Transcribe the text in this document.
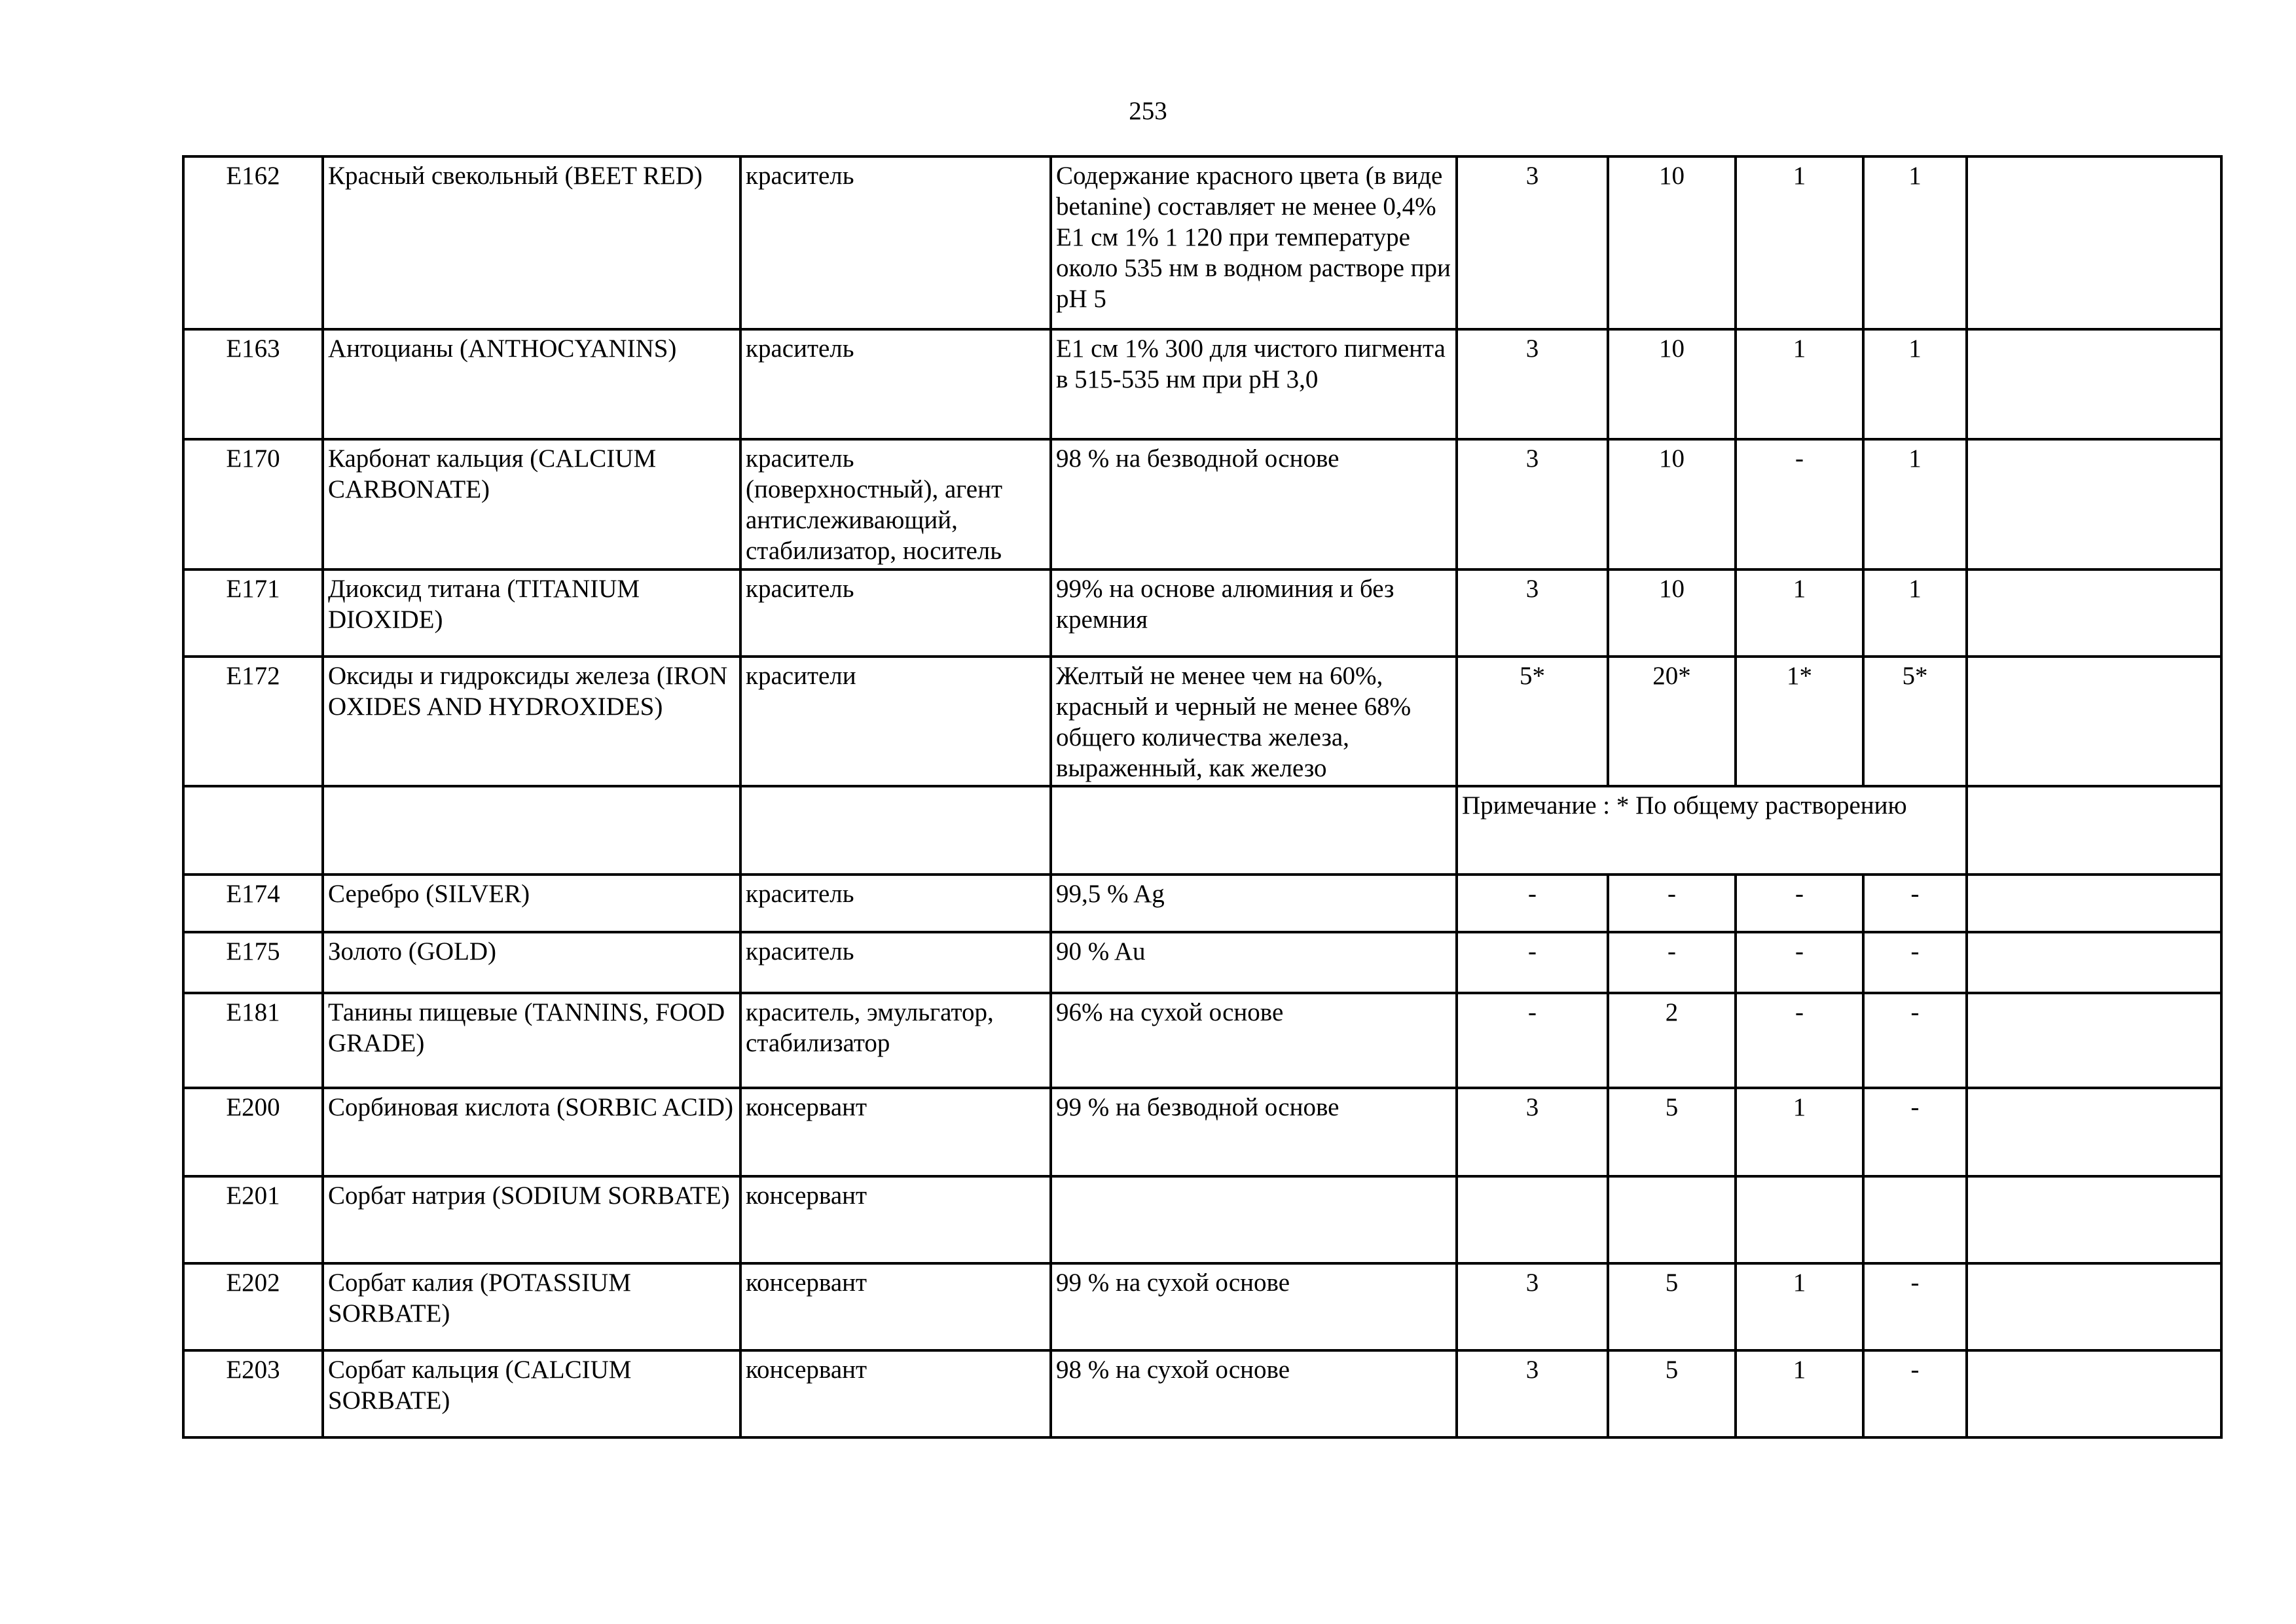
253
E162	Красный свекольный (BEET RED)	краситель	Содержание красного цвета (в виде betanine) составляет не менее 0,4% E1 см 1% 1 120 при температуре около 535 нм в водном растворе при рН 5	3	10	1	1	
E163	Антоцианы (ANTHOCYANINS)	краситель	E1 см 1% 300 для чистого пигмента в 515-535 нм при рН 3,0	3	10	1	1	
E170	Карбонат кальция (CALCIUM CARBONATE)	краситель (поверхностный), агент антислеживающий, стабилизатор, носитель	98 % на безводной основе	3	10	-	1	
E171	Диоксид титана (TITANIUM DIOXIDE)	краситель	99% на основе алюминия и без кремния	3	10	1	1	
E172	Оксиды и гидроксиды железа (IRON OXIDES AND HYDROXIDES)	красители	Желтый не менее чем на 60%, красный и черный не менее 68% общего количества железа, выраженный, как железо	5*	20*	1*	5*	
				Примечание : * По общему растворению				
E174	Серебро (SILVER)	краситель	99,5 % Ag	-	-	-	-	
E175	Золото (GOLD)	краситель	90 % Au	-	-	-	-	
E181	Танины пищевые (TANNINS, FOOD GRADE)	краситель, эмульгатор, стабилизатор	96% на сухой основе	-	2	-	-	
E200	Сорбиновая кислота (SORBIC ACID)	консервант	99 % на безводной основе	3	5	1	-	
E201	Сорбат натрия (SODIUM SORBATE)	консервант						
E202	Сорбат калия (POTASSIUM SORBATE)	консервант	99 % на сухой основе	3	5	1	-	
E203	Сорбат кальция (CALCIUM SORBATE)	консервант	98 % на сухой основе	3	5	1	-	
